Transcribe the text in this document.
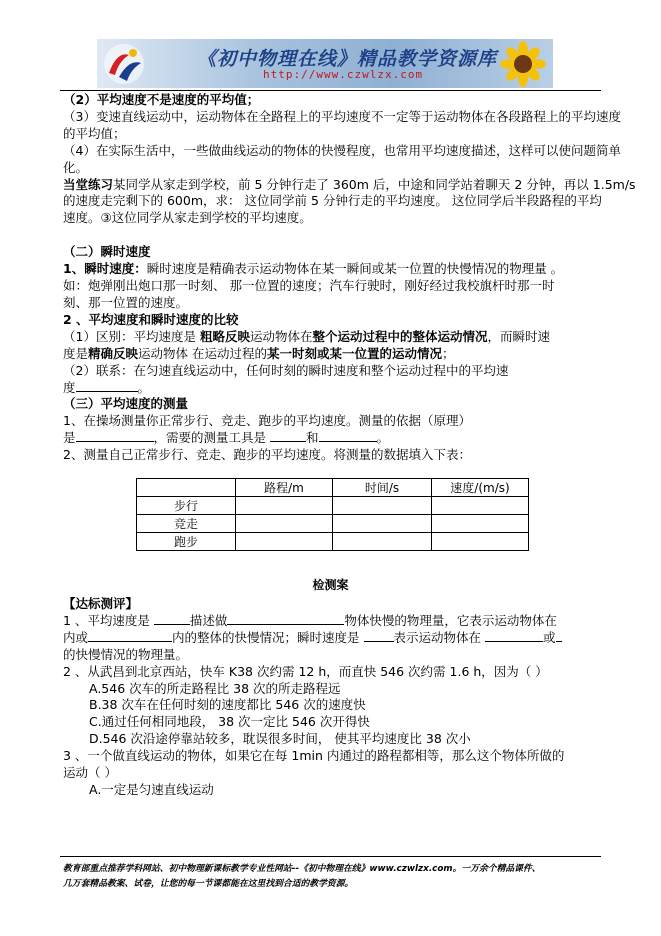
《初中物理在线》精品教学资源库
http://www.czwlzx.com
（2）平均速度不是速度的平均值；
（3）变速直线运动中，运动物体在全路程上的平均速度不一定等于运动物体在各段路程上的平均速度
的平均值；
（4）在实际生活中，一些做曲线运动的物体的快慢程度，也常用平均速度描述，这样可以使问题简单
化。
当堂练习某同学从家走到学校，前 5 分钟行走了 360m 后，中途和同学站着聊天 2 分钟，再以 1.5m/s
的速度走完剩下的 600m，求： 这位同学前 5 分钟行走的平均速度。 这位同学后半段路程的平均
速度。③这位同学从家走到学校的平均速度。
（二）瞬时速度
1、瞬时速度：瞬时速度是精确表示运动物体在某一瞬间或某一位置的快慢情况的物理量 。
如：炮弹刚出炮口那一时刻、 那一位置的速度；汽车行驶时，刚好经过我校旗杆时那一时
刻、那一位置的速度。
2 、平均速度和瞬时速度的比较
（1）区别：平均速度是 粗略反映运动物体在整个运动过程中的整体运动情况，而瞬时速
度是精确反映运动物体 在运动过程的某一时刻或某一位置的运动情况；
（2）联系：在匀速直线运动中，任何时刻的瞬时速度和整个运动过程中的平均速
度	。
（三）平均速度的测量
1、在操场测量你正常步行、竞走、跑步的平均速度。测量的依据（原理）
是	，需要的测量工具是	和	。
2、测量自己正常步行、竞走、跑步的平均速度。将测量的数据填入下表：
	路程/m	时间/s	速度/(m/s)
步行			
竞走			
跑步			
检测案
【达标测评】
1 、平均速度是	描述做	物体快慢的物理量，它表示运动物体在
内或	内的整体的快慢情况；瞬时速度是 表示运动物体在	或
的快慢情况的物理量。
2 、从武昌到北京西站，快车 K38 次约需 12 h，而直快 546 次约需 1.6 h，因为（ ）
A.546 次车的所走路程比 38 次的所走路程远
B.38 次车在任何时刻的速度都比 546 次的速度快
C.通过任何相同地段， 38 次一定比 546 次开得快
D.546 次沿途停靠站较多，耽误很多时间， 使其平均速度比 38 次小
3 、一个做直线运动的物体，如果它在每 1min 内通过的路程都相等，那么这个物体所做的
运动（ ）
A.一定是匀速直线运动
教育部重点推荐学科网站、初中物理新课标教学专业性网站--《初中物理在线》www.czwlzx.com。一万余个精品课件、
几万套精品教案、试卷，让您的每一节课都能在这里找到合适的教学资源。
